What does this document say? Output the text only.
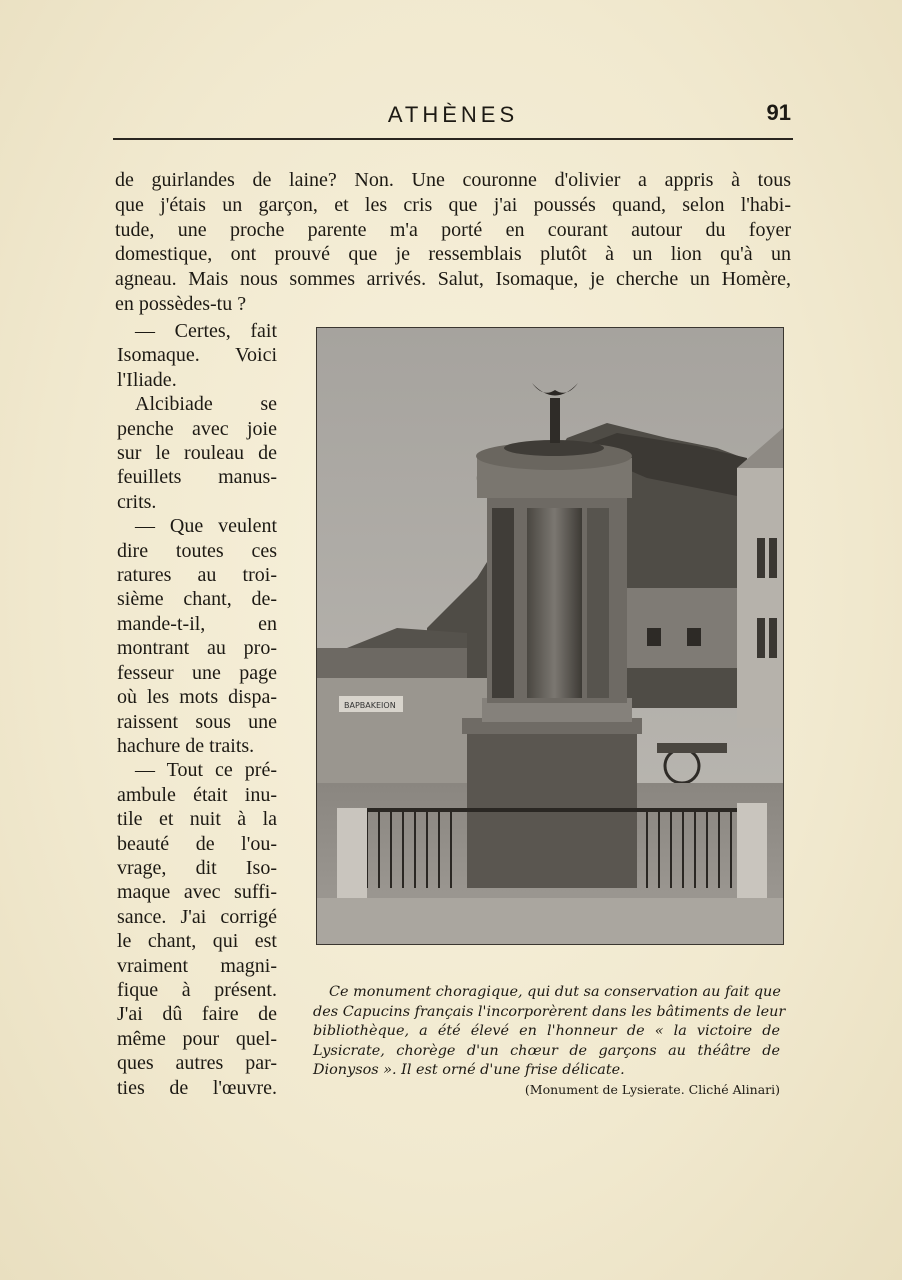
ATHÈNES	91
de guirlandes de laine? Non. Une couronne d'olivier a appris à tous
que j'étais un garçon, et les cris que j'ai poussés quand, selon l'habi-
tude, une proche parente m'a porté en courant autour du foyer
domestique, ont prouvé que je ressemblais plutôt à un lion qu'à un
agneau. Mais nous sommes arrivés. Salut, Isomaque, je cherche un Homère,
en possèdes-tu ?
— Certes, fait
Isomaque. Voici
l'Iliade.
Alcibiade se
penche avec joie
sur le rouleau de
feuillets manus-
crits.
— Que veulent
dire toutes ces
ratures au troi-
sième chant, de-
mande-t-il, en
montrant au pro-
fesseur une page
où les mots dispa-
raissent sous une
hachure de traits.
— Tout ce pré-
ambule était inu-
tile et nuit à la
beauté de l'ou-
vrage, dit Iso-
maque avec suffi-
sance. J'ai corrigé
le chant, qui est
vraiment magni-
fique à présent.
J'ai dû faire de
même pour quel-
ques autres par-
ties de l'œuvre.
ΒΑΡΒΑΚΕΙΟΝ
Ce monument choragique, qui dut sa conservation au fait que
des Capucins français l'incorporèrent dans les bâtiments de leur
bibliothèque, a été élevé en l'honneur de « la victoire de
Lysicrate, chorège d'un chœur de garçons au théâtre de
Dionysos ». Il est orné d'une frise délicate.
(Monument de Lysierate. Cliché Alinari)
